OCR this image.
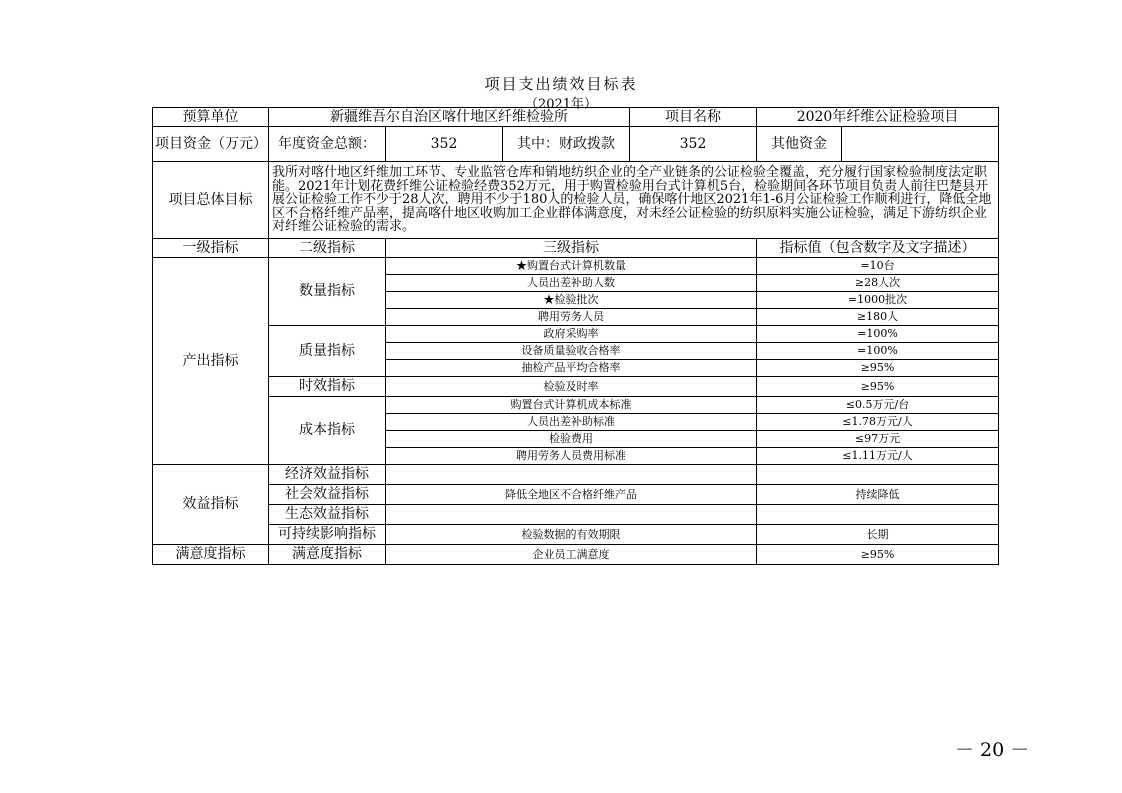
项目支出绩效目标表
（2021年）
预算单位	新疆维吾尔自治区喀什地区纤维检验所			项目名称	2020年纤维公证检验项目	
项目资金（万元）	年度资金总额：	352	其中：财政拨款	352	其他资金	
项目总体目标	我所对喀什地区纤维加工环节、专业监管仓库和销地纺织企业的全产业链条的公证检验全覆盖，充分履行国家检验制度法定职能。2021年计划花费纤维公证检验经费352万元，用于购置检验用台式计算机5台，检验期间各环节项目负责人前往巴楚县开展公证检验工作不少于28人次，聘用不少于180人的检验人员，确保喀什地区2021年1-6月公证检验工作顺利进行，降低全地区不合格纤维产品率，提高喀什地区收购加工企业群体满意度，对未经公证检验的纺织原料实施公证检验，满足下游纺织企业对纤维公证检验的需求。					
一级指标	二级指标	三级指标			指标值（包含数字及文字描述）	
产出指标	数量指标	★购置台式计算机数量			=10台	
		人员出差补助人数			≥28人次	
		★检验批次			=1000批次	
		聘用劳务人员			≥180人	
	质量指标	政府采购率			=100%	
		设备质量验收合格率			=100%	
		抽检产品平均合格率			≥95%	
	时效指标	检验及时率			≥95%	
	成本指标	购置台式计算机成本标准			≤0.5万元/台	
		人员出差补助标准			≤1.78万元/人	
		检验费用			≤97万元	
		聘用劳务人员费用标准			≤1.11万元/人	
效益指标	经济效益指标					
	社会效益指标	降低全地区不合格纤维产品			持续降低	
	生态效益指标					
	可持续影响指标	检验数据的有效期限			长期	
满意度指标	满意度指标	企业员工满意度			≥95%	
－ 20 －
